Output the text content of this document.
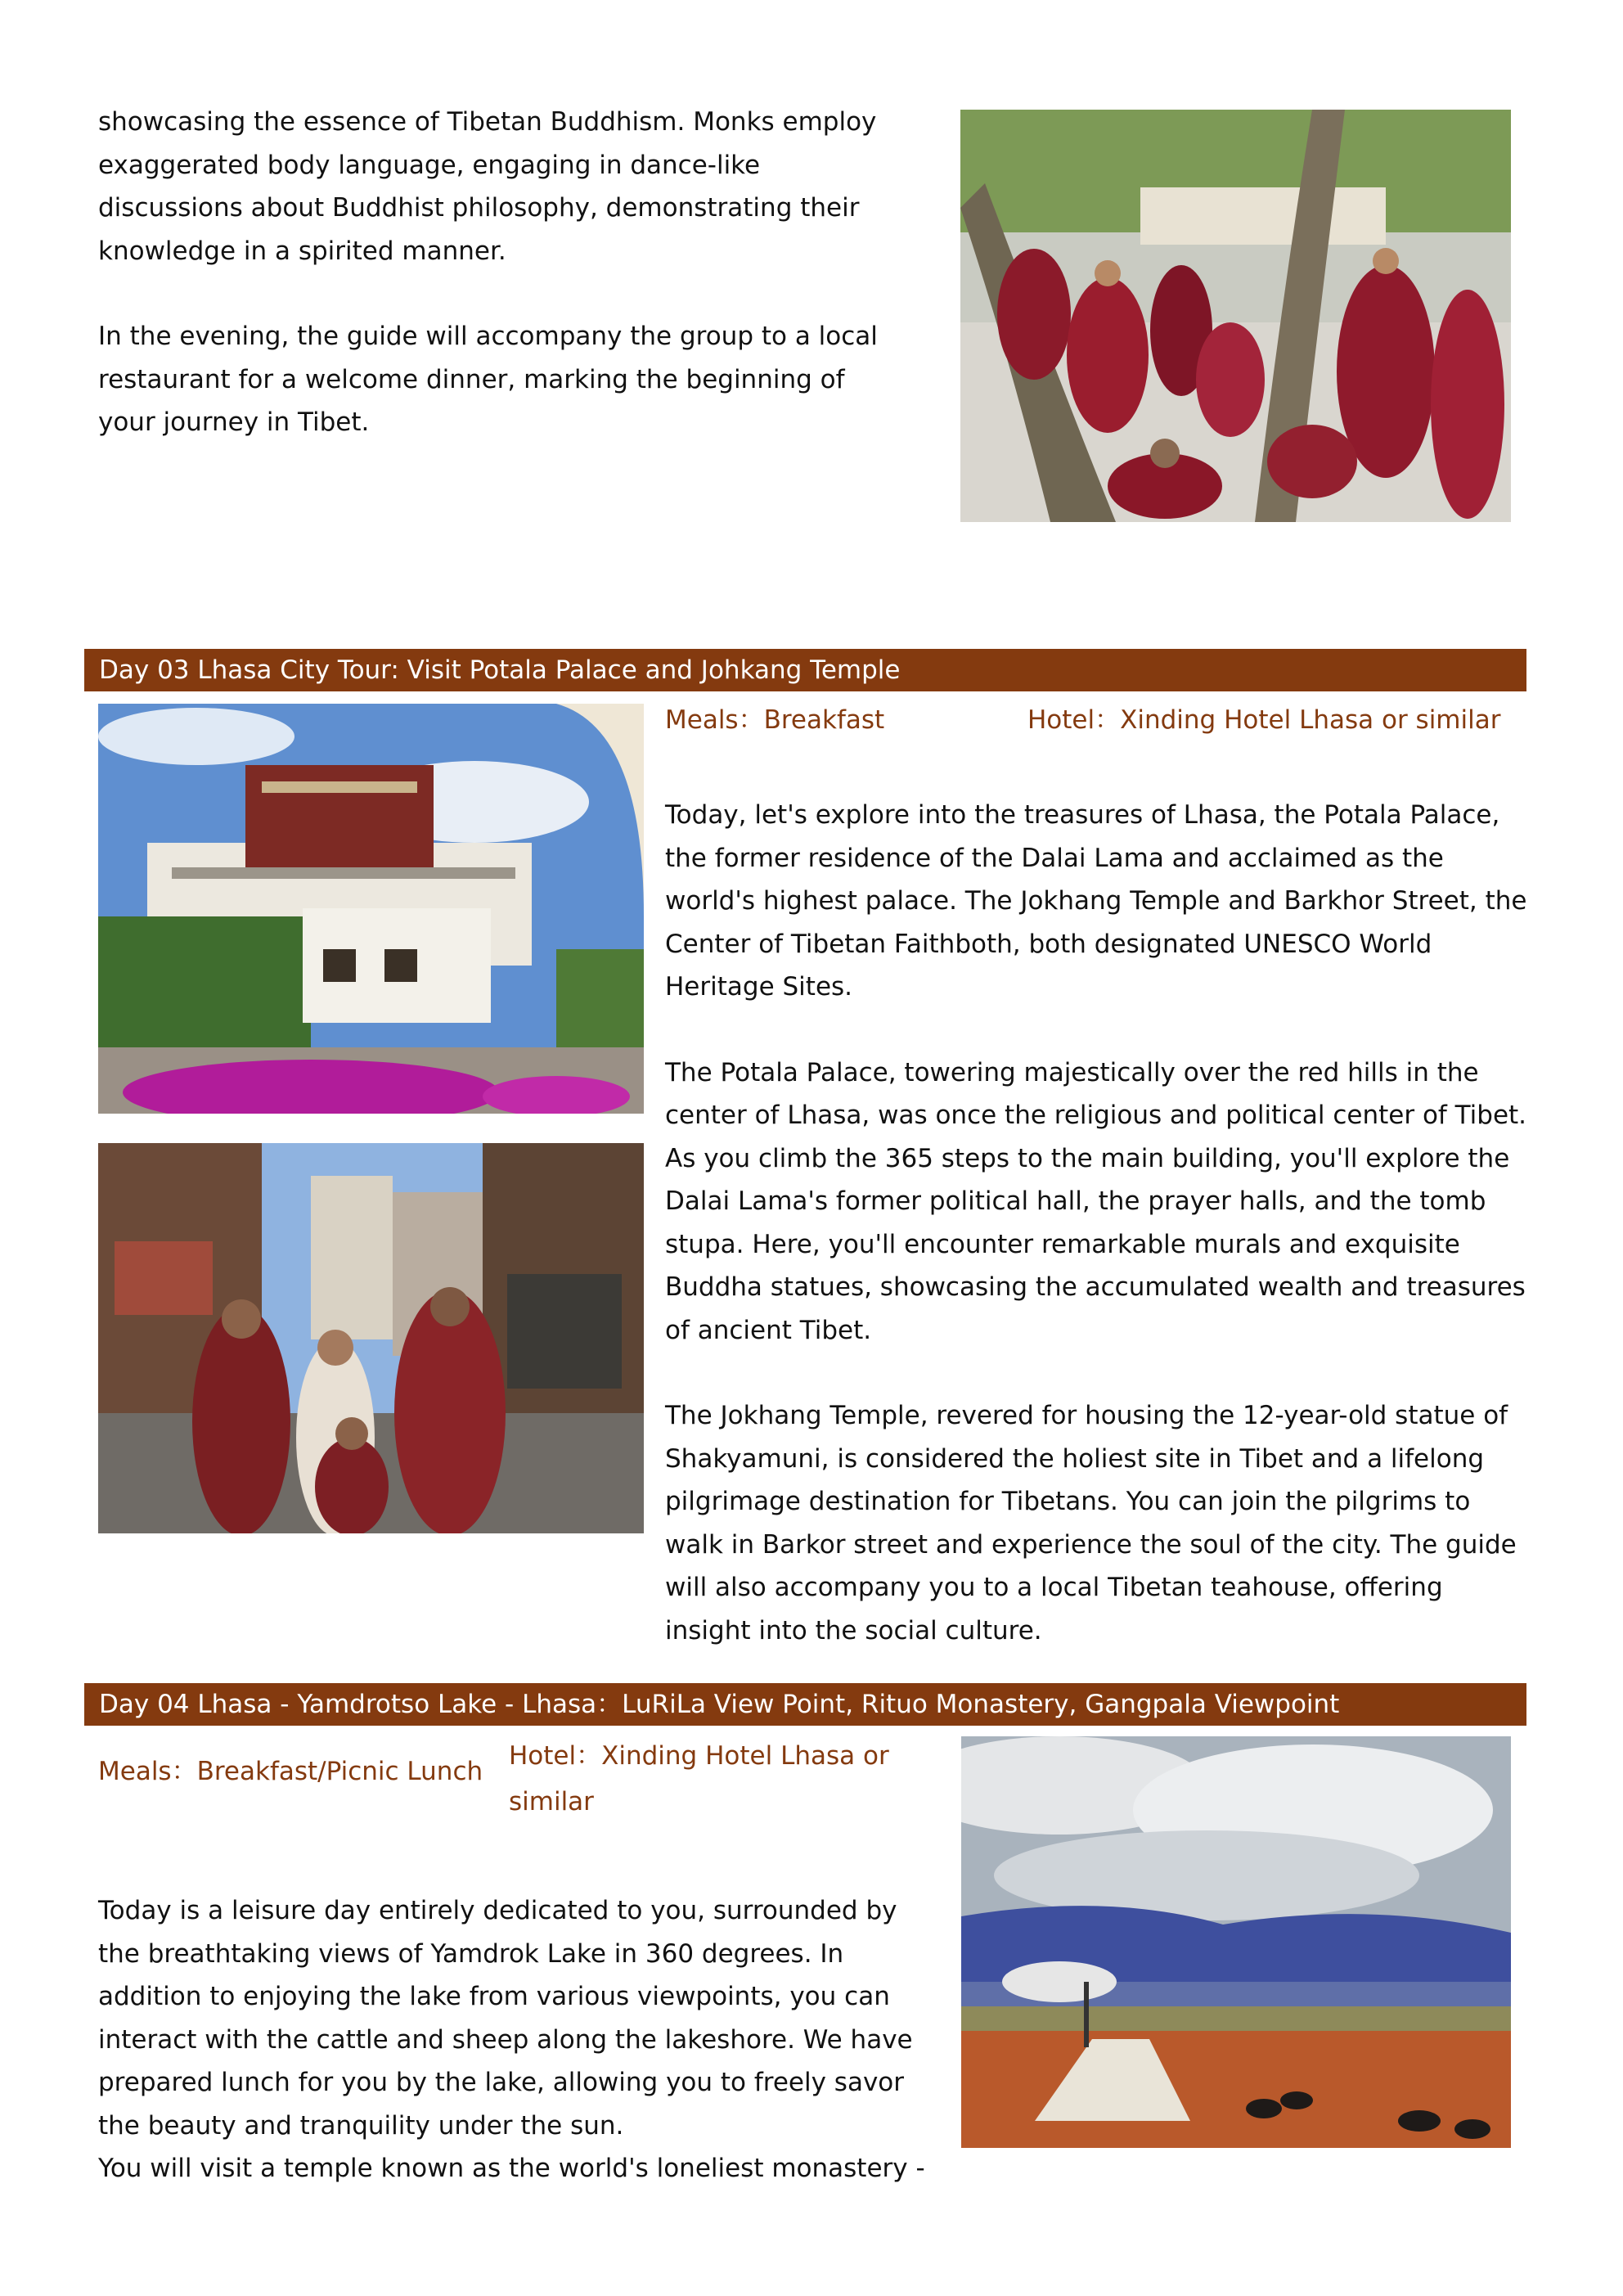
showcasing the essence of Tibetan Buddhism. Monks employ exaggerated body language, engaging in dance-like discussions about Buddhist philosophy, demonstrating their knowledge in a spirited manner.

In the evening, the guide will accompany the group to a local restaurant for a welcome dinner, marking the beginning of your journey in Tibet.

Day 03 Lhasa City Tour: Visit Potala Palace and Johkang Temple
Meals：Breakfast	Hotel：Xinding Hotel Lhasa or similar

Today, let's explore into the treasures of Lhasa, the Potala Palace, the former residence of the Dalai Lama and acclaimed as the world's highest palace. The Jokhang Temple and Barkhor Street, the Center of Tibetan Faithboth, both designated UNESCO World Heritage Sites.

The Potala Palace, towering majestically over the red hills in the center of Lhasa, was once the religious and political center of Tibet. As you climb the 365 steps to the main building, you'll explore the Dalai Lama's former political hall, the prayer halls, and the tomb stupa. Here, you'll encounter remarkable murals and exquisite Buddha statues, showcasing the accumulated wealth and treasures of ancient Tibet.

The Jokhang Temple, revered for housing the 12-year-old statue of Shakyamuni, is considered the holiest site in Tibet and a lifelong pilgrimage destination for Tibetans. You can join the pilgrims to walk in Barkor street and experience the soul of the city. The guide will also accompany you to a local Tibetan teahouse, offering insight into the social culture.

Day 04 Lhasa - Yamdrotso Lake - Lhasa：LuRiLa View Point, Rituo Monastery, Gangpala Viewpoint
Meals：Breakfast/Picnic Lunch
Hotel：Xinding Hotel Lhasa or
similar

Today is a leisure day entirely dedicated to you, surrounded by the breathtaking views of Yamdrok Lake in 360 degrees. In addition to enjoying the lake from various viewpoints, you can interact with the cattle and sheep along the lakeshore. We have prepared lunch for you by the lake, allowing you to freely savor the beauty and tranquility under the sun.

You will visit a temple known as the world's loneliest monastery -
